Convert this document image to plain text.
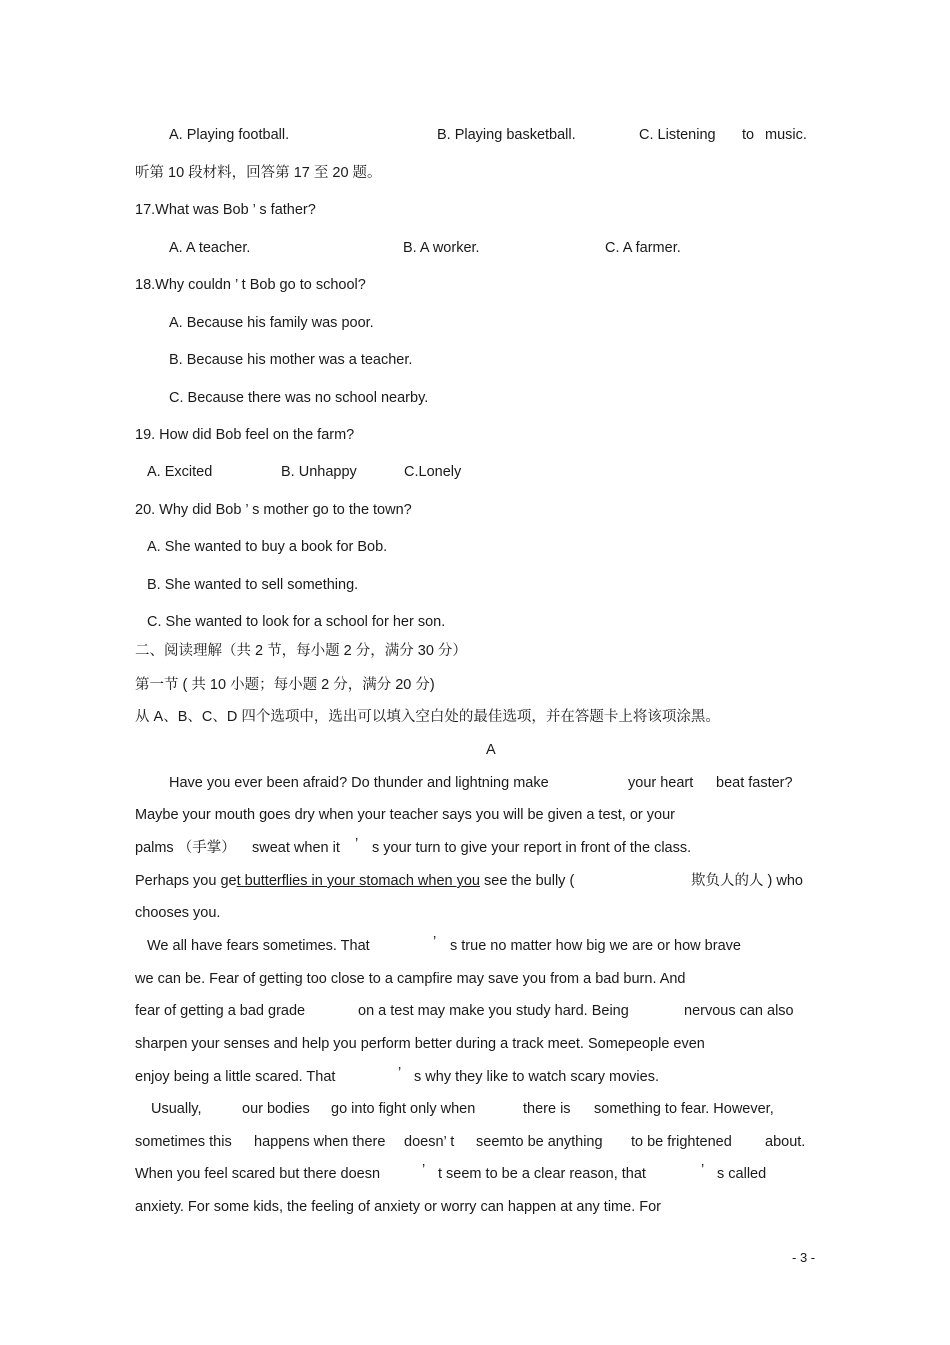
A. Playing football.	B. Playing basketball.	C. Listening to music.
听第 10 段材料，回答第 17 至 20 题。
17.What was Bob ’ s father?
A. A teacher.	B. A worker.	C. A farmer.
18.Why couldn ’ t Bob go to school?
A. Because his family was poor.
B. Because his mother was a teacher.
C. Because there was no school nearby.
19. How did Bob feel on the farm?
A. Excited	B. Unhappy	C.Lonely
20. Why did Bob ’ s mother go to the town?
A. She wanted to buy a book for Bob.
B. She wanted to sell something.
C. She wanted to look for a school for her son.
二、阅读理解（共 2 节，每小题 2 分，满分 30 分）
第一节 ( 共 10 小题；每小题 2 分，满分 20 分)
从 A、B、C、D 四个选项中，选出可以填入空白处的最佳选项，并在答题卡上将该项涂黑。
A
Have you ever been afraid? Do thunder and lightning make	your heart beat faster?
Maybe your mouth goes dry when your teacher says you will be given a test, or your
palms （手掌） sweat when it ’ s your turn to give your report in front of the class.
Perhaps you get butterflies in your stomach when you see the bully (	欺负人的人 ) who
chooses you.
We all have fears sometimes. That	’ s true no matter how big we are or how brave
we can be. Fear of getting too close to a campfire may save you from a bad burn. And
fear of getting a bad grade	on a test may make you study hard. Being	nervous can also
sharpen your senses and help you perform better during a track meet. Somepeople even
enjoy being a little scared. That	’ s why they like to watch scary movies.
Usually,	our bodies go into fight only when	there is something to fear. However,
sometimes this happens when there doesn’ t seemto be anything to be frightened about.
When you feel scared but there doesn	’ t seem to be a clear reason, that	’ s called
anxiety. For some kids, the feeling of anxiety or worry can happen at any time. For
- 3 -
